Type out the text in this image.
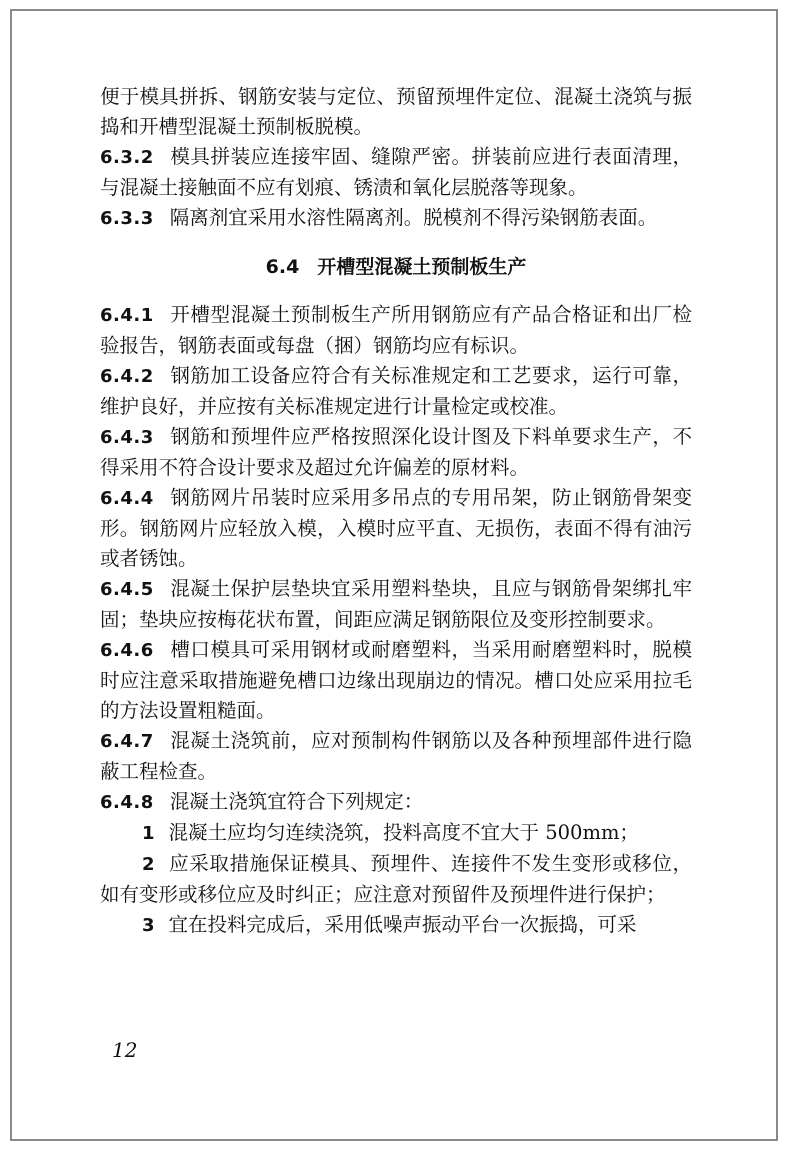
便于模具拼拆、钢筋安装与定位、预留预埋件定位、混凝土浇筑与振捣和开槽型混凝土预制板脱模。

6.3.2 模具拼装应连接牢固、缝隙严密。拼装前应进行表面清理，与混凝土接触面不应有划痕、锈渍和氧化层脱落等现象。

6.3.3 隔离剂宜采用水溶性隔离剂。脱模剂不得污染钢筋表面。

6.4 开槽型混凝土预制板生产

6.4.1 开槽型混凝土预制板生产所用钢筋应有产品合格证和出厂检验报告，钢筋表面或每盘（捆）钢筋均应有标识。

6.4.2 钢筋加工设备应符合有关标准规定和工艺要求，运行可靠，维护良好，并应按有关标准规定进行计量检定或校准。

6.4.3 钢筋和预埋件应严格按照深化设计图及下料单要求生产，不得采用不符合设计要求及超过允许偏差的原材料。

6.4.4 钢筋网片吊装时应采用多吊点的专用吊架，防止钢筋骨架变形。钢筋网片应轻放入模，入模时应平直、无损伤，表面不得有油污或者锈蚀。

6.4.5 混凝土保护层垫块宜采用塑料垫块，且应与钢筋骨架绑扎牢固；垫块应按梅花状布置，间距应满足钢筋限位及变形控制要求。

6.4.6 槽口模具可采用钢材或耐磨塑料，当采用耐磨塑料时，脱模时应注意采取措施避免槽口边缘出现崩边的情况。槽口处应采用拉毛的方法设置粗糙面。

6.4.7 混凝土浇筑前，应对预制构件钢筋以及各种预埋部件进行隐蔽工程检查。

6.4.8 混凝土浇筑宜符合下列规定：

1 混凝土应均匀连续浇筑，投料高度不宜大于 500mm；

2 应采取措施保证模具、预埋件、连接件不发生变形或移位，如有变形或移位应及时纠正；应注意对预留件及预埋件进行保护；

3 宜在投料完成后，采用低噪声振动平台一次振捣，可采

12
